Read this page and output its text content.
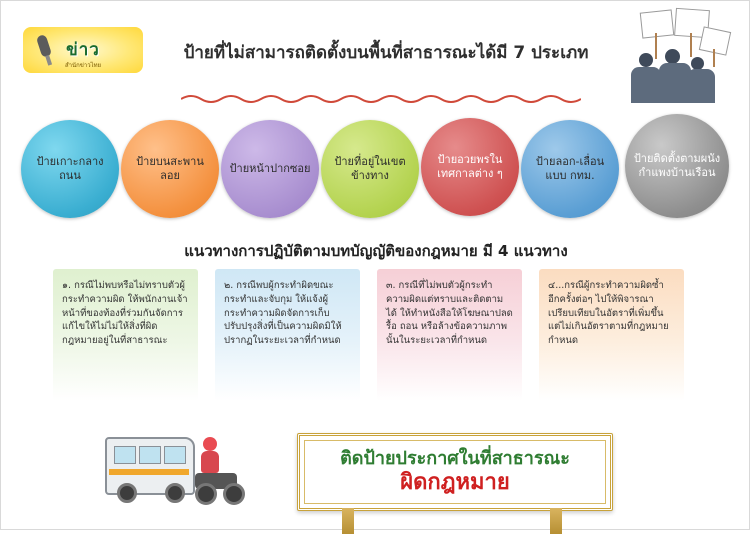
ข่าว
สำนักข่าวไทย
ป้ายที่ไม่สามารถติดตั้งบนพื้นที่สาธารณะได้มี 7 ประเภท
ป้ายเกาะกลางถนน
ป้ายบนสะพานลอย
ป้ายหน้าปากซอย
ป้ายที่อยู่ในเขตข้างทาง
ป้ายอวยพรในเทศกาลต่าง ๆ
ป้ายลอก-เลื่อนแบบ กทม.
ป้ายติดตั้งตามผนังกำแพงบ้านเรือน
แนวทางการปฏิบัติตามบทบัญญัติของกฎหมาย มี 4 แนวทาง
๑. กรณีไม่พบหรือไม่ทราบตัวผู้กระทำความผิด ให้พนักงานเจ้าหน้าที่ของท้องที่ร่วมกันจัดการแก้ไขให้ไม่ไม่ให้สิ่งที่ผิดกฎหมายอยู่ในที่สาธารณะ
๒. กรณีพบผู้กระทำผิดขณะกระทำและจับกุม ให้แจ้งผู้กระทำความผิดจัดการเก็บปรับปรุงสิ่งที่เป็นความผิดมิให้ปรากฏในระยะเวลาที่กำหนด
๓. กรณีที่ไม่พบตัวผู้กระทำความผิดแต่ทราบและติดตามได้ ให้ทำหนังสือให้โฆษณาปลด รื้อ ถอน หรือล้างข้อความภาพนั้นในระยะเวลาที่กำหนด
๔...กรณีผู้กระทำความผิดซ้ำอีกครั้งต่อๆ ไปให้พิจารณาเปรียบเทียบในอัตราที่เพิ่มขึ้นแต่ไม่เกินอัตราตามที่กฎหมายกำหนด
ติดป้ายประกาศในที่สาธารณะ
ผิดกฎหมาย
